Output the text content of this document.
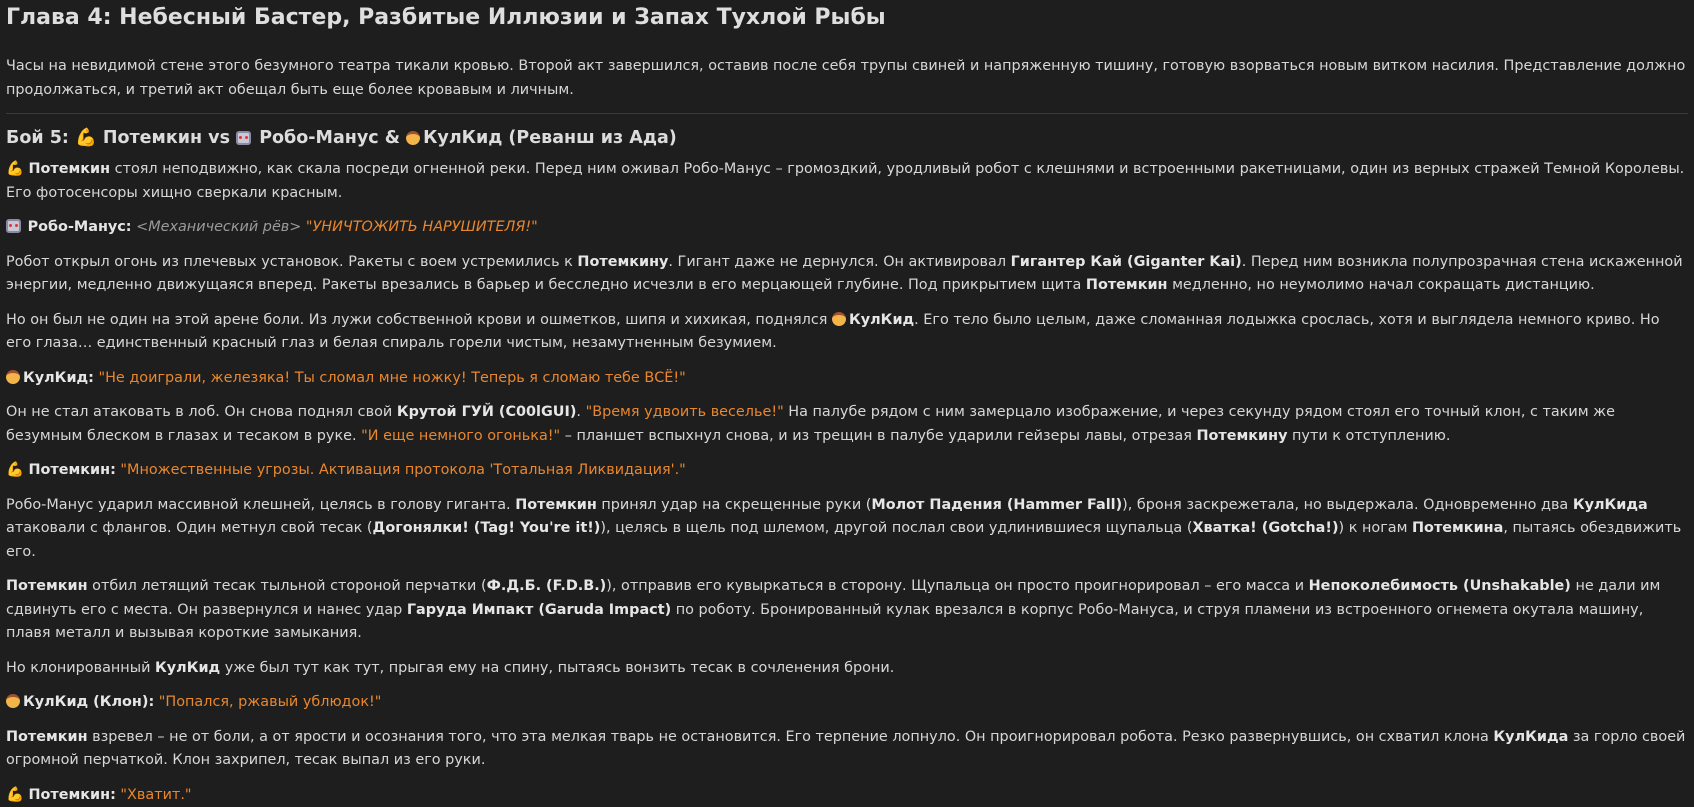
Глава 4: Небесный Бастер, Разбитые Иллюзии и Запах Тухлой Рыбы

Часы на невидимой стене этого безумного театра тикали кровью. Второй акт завершился, оставив после себя трупы свиней и напряженную тишину, готовую взорваться новым витком насилия. Представление должно продолжаться, и третий акт обещал быть еще более кровавым и личным.

Бой 5: 💪 Потемкин vs Робо-Манус & КулКид (Реванш из Ада)

💪 Потемкин стоял неподвижно, как скала посреди огненной реки. Перед ним оживал Робо-Манус – громоздкий, уродливый робот с клешнями и встроенными ракетницами, один из верных стражей Темной Королевы. Его фотосенсоры хищно сверкали красным.

Робо-Манус: <Механический рёв> "УНИЧТОЖИТЬ НАРУШИТЕЛЯ!"

Робот открыл огонь из плечевых установок. Ракеты с воем устремились к Потемкину. Гигант даже не дернулся. Он активировал Гигантер Кай (Giganter Kai). Перед ним возникла полупрозрачная стена искаженной энергии, медленно движущаяся вперед. Ракеты врезались в барьер и бесследно исчезли в его мерцающей глубине. Под прикрытием щита Потемкин медленно, но неумолимо начал сокращать дистанцию.

Но он был не один на этой арене боли. Из лужи собственной крови и ошметков, шипя и хихикая, поднялся КулКид. Его тело было целым, даже сломанная лодыжка срослась, хотя и выглядела немного криво. Но его глаза… единственный красный глаз и белая спираль горели чистым, незамутненным безумием.

КулКид: "Не доиграли, железяка! Ты сломал мне ножку! Теперь я сломаю тебе ВСЁ!"

Он не стал атаковать в лоб. Он снова поднял свой Крутой ГУЙ (C00lGUI). "Время удвоить веселье!" На палубе рядом с ним замерцало изображение, и через секунду рядом стоял его точный клон, с таким же безумным блеском в глазах и тесаком в руке. "И еще немного огонька!" – планшет вспыхнул снова, и из трещин в палубе ударили гейзеры лавы, отрезая Потемкину пути к отступлению.

💪 Потемкин: "Множественные угрозы. Активация протокола 'Тотальная Ликвидация'."

Робо-Манус ударил массивной клешней, целясь в голову гиганта. Потемкин принял удар на скрещенные руки (Молот Падения (Hammer Fall)), броня заскрежетала, но выдержала. Одновременно два КулКида атаковали с флангов. Один метнул свой тесак (Догонялки! (Tag! You're it!)), целясь в щель под шлемом, другой послал свои удлинившиеся щупальца (Хватка! (Gotcha!)) к ногам Потемкина, пытаясь обездвижить его.

Потемкин отбил летящий тесак тыльной стороной перчатки (Ф.Д.Б. (F.D.B.)), отправив его кувыркаться в сторону. Щупальца он просто проигнорировал – его масса и Непоколебимость (Unshakable) не дали им сдвинуть его с места. Он развернулся и нанес удар Гаруда Импакт (Garuda Impact) по роботу. Бронированный кулак врезался в корпус Робо-Мануса, и струя пламени из встроенного огнемета окутала машину, плавя металл и вызывая короткие замыкания.

Но клонированный КулКид уже был тут как тут, прыгая ему на спину, пытаясь вонзить тесак в сочленения брони.

КулКид (Клон): "Попался, ржавый ублюдок!"

Потемкин взревел – не от боли, а от ярости и осознания того, что эта мелкая тварь не остановится. Его терпение лопнуло. Он проигнорировал робота. Резко развернувшись, он схватил клона КулКида за горло своей огромной перчаткой. Клон захрипел, тесак выпал из его руки.

💪 Потемкин: "Хватит."
